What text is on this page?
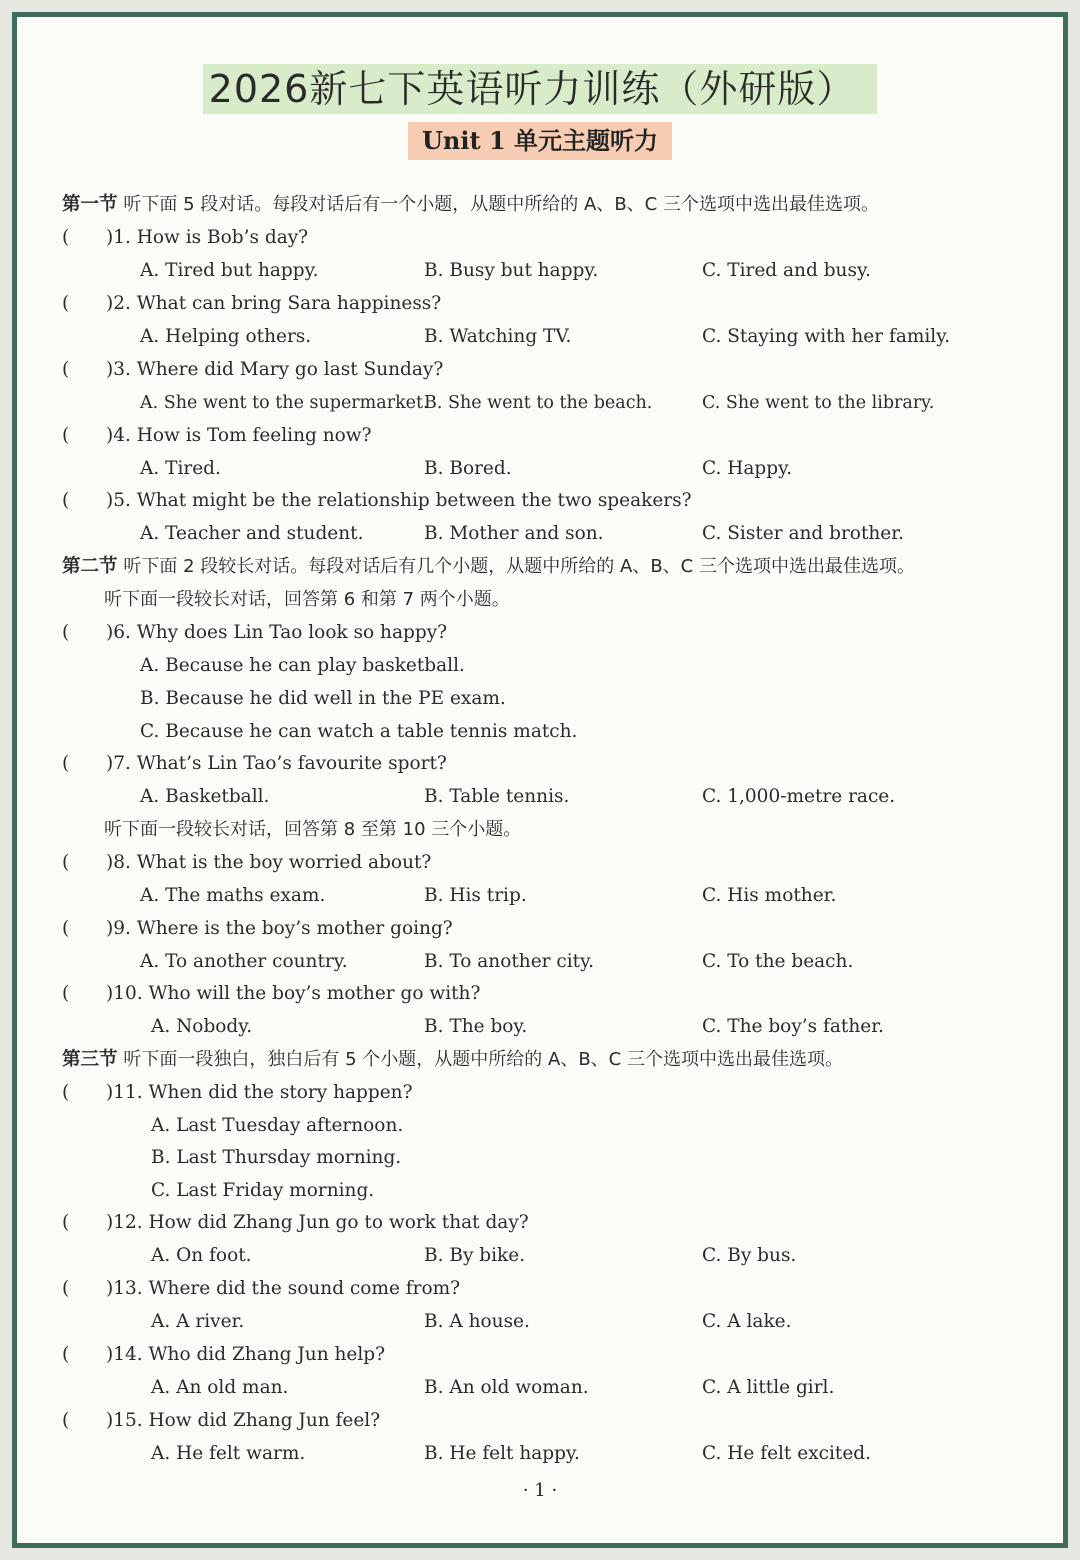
2026新七下英语听力训练（外研版）
Unit 1 单元主题听力
第一节 听下面 5 段对话。每段对话后有一个小题，从题中所给的 A、B、C 三个选项中选出最佳选项。
( )1. How is Bob’s day?
A. Tired but happy.	B. Busy but happy.	C. Tired and busy.
( )2. What can bring Sara happiness?
A. Helping others.	B. Watching TV.	C. Staying with her family.
( )3. Where did Mary go last Sunday?
A. She went to the supermarket.
B. She went to the beach.	C. She went to the library.
( )4. How is Tom feeling now?
A. Tired.	B. Bored.	C. Happy.
( )5. What might be the relationship between the two speakers?
A. Teacher and student.	B. Mother and son.	C. Sister and brother.
第二节 听下面 2 段较长对话。每段对话后有几个小题，从题中所给的 A、B、C 三个选项中选出最佳选项。
听下面一段较长对话，回答第 6 和第 7 两个小题。
( )6. Why does Lin Tao look so happy?
A. Because he can play basketball.
B. Because he did well in the PE exam.
C. Because he can watch a table tennis match.
( )7. What’s Lin Tao’s favourite sport?
A. Basketball.	B. Table tennis.	C. 1,000-metre race.
听下面一段较长对话，回答第 8 至第 10 三个小题。
( )8. What is the boy worried about?
A. The maths exam.	B. His trip.	C. His mother.
( )9. Where is the boy’s mother going?
A. To another country.	B. To another city.	C. To the beach.
( )10. Who will the boy’s mother go with?
A. Nobody.	B. The boy.	C. The boy’s father.
第三节 听下面一段独白，独白后有 5 个小题，从题中所给的 A、B、C 三个选项中选出最佳选项。
( )11. When did the story happen?
A. Last Tuesday afternoon.
B. Last Thursday morning.
C. Last Friday morning.
( )12. How did Zhang Jun go to work that day?
A. On foot.	B. By bike.	C. By bus.
( )13. Where did the sound come from?
A. A river.	B. A house.	C. A lake.
( )14. Who did Zhang Jun help?
A. An old man.	B. An old woman.	C. A little girl.
( )15. How did Zhang Jun feel?
A. He felt warm.	B. He felt happy.	C. He felt excited.
· 1 ·
